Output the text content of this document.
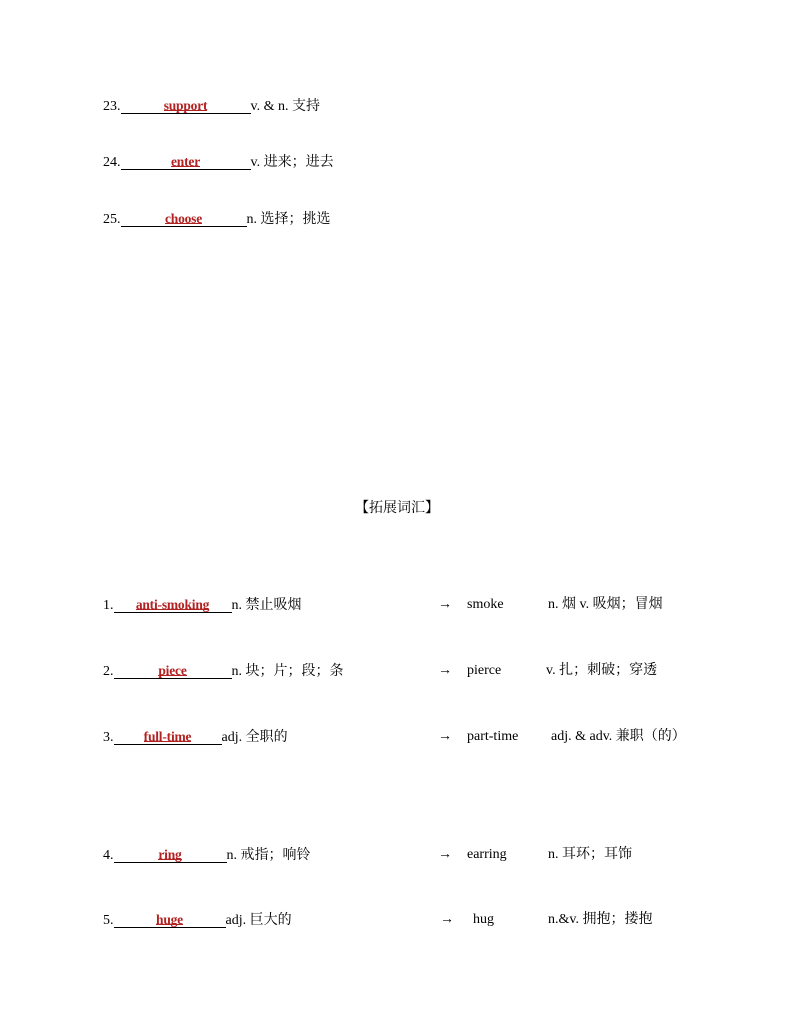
23.	support	v. & n. 支持
24.	enter	v. 进来；进去
25.	choose	n. 选择；挑选
【拓展词汇】
1.anti-smoking n. 禁止吸烟	→ smoke	n. 烟 v. 吸烟；冒烟
2.	piece	n. 块；片；段；条	→ pierce	v. 扎；刺破；穿透
3.full-time adj. 全职的	→ part-time adj. & adv. 兼职（的）
4.	ring	n. 戒指；响铃	→ earring	n. 耳环；耳饰
5.	huge	adj. 巨大的	→ hug	n.&v. 拥抱；搂抱
